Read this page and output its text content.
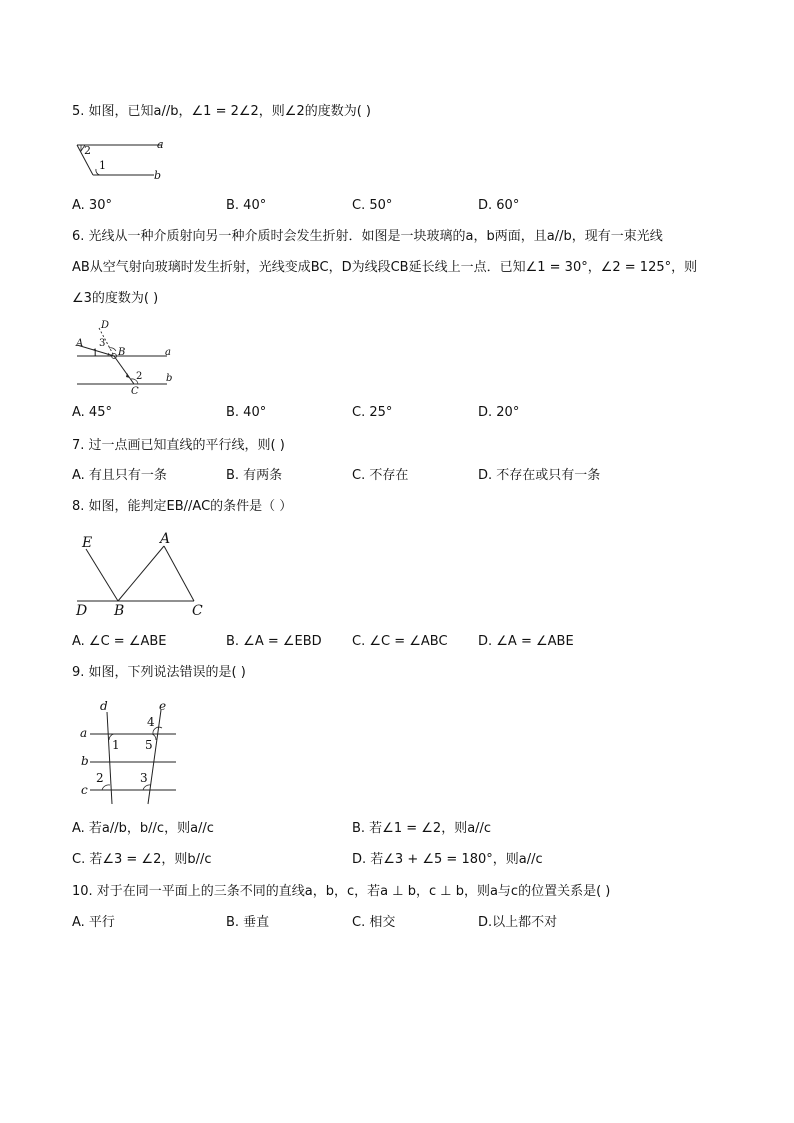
5. 如图，已知a//b，∠1 = 2∠2，则∠2的度数为( )
2
1
a
b
A. 30°	B. 40°	C. 50°	D. 60°
6. 光线从一种介质射向另一种介质时会发生折射．如图是一块玻璃的a，b两面，且a//b，现有一束光线
AB从空气射向玻璃时发生折射，光线变成BC，D为线段CB延长线上一点．已知∠1 = 30°，∠2 = 125°，则
∠3的度数为( )
D
A 3
1 B	a
2 b
C
A. 45°	B. 40°	C. 25°	D. 20°
7. 过一点画已知直线的平行线，则( )
A. 有且只有一条	B. 有两条	C. 不存在	D. 不存在或只有一条
8. 如图，能判定EB//AC的条件是（ ）
E	A
D B	C
A. ∠C = ∠ABE	B. ∠A = ∠EBD C. ∠C = ∠ABC D. ∠A = ∠ABE
9. 如图，下列说法错误的是( )
d	e
a
b
c
1 5
4
2	3
A. 若a//b，b//c，则a//c	B. 若∠1 = ∠2，则a//c
C. 若∠3 = ∠2，则b//c	D. 若∠3 + ∠5 = 180°，则a//c
10. 对于在同一平面上的三条不同的直线a，b，c，若a ⊥ b，c ⊥ b，则a与c的位置关系是( )
A. 平行	B. 垂直	C. 相交	D.以上都不对
